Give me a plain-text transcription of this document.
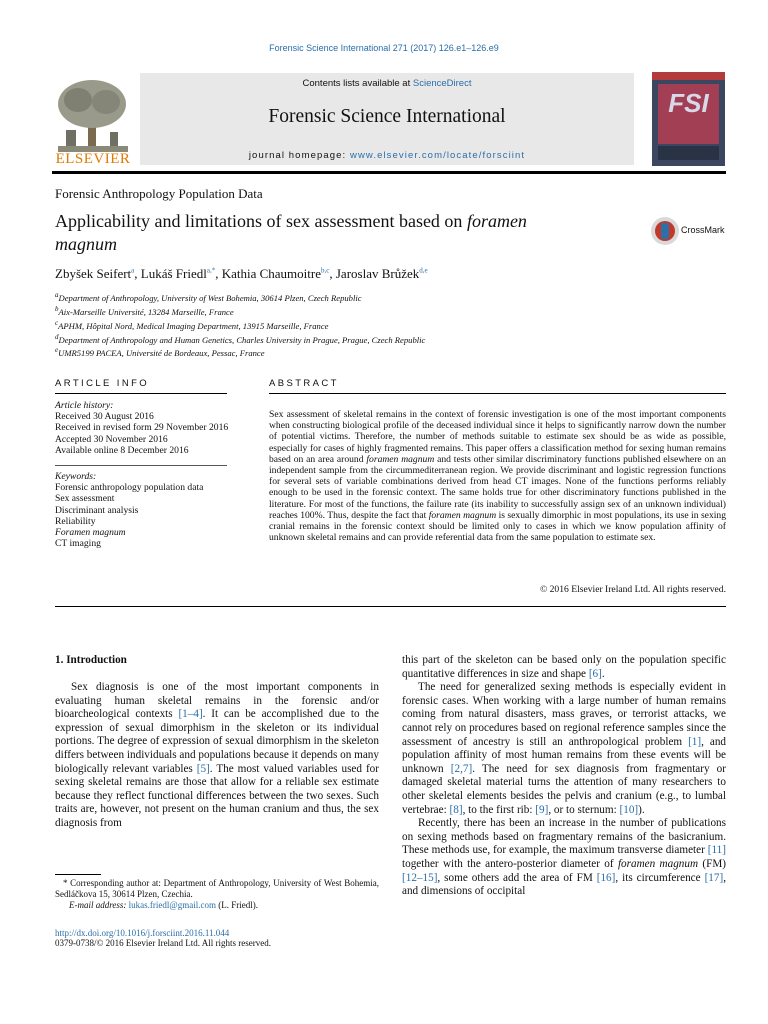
Forensic Science International 271 (2017) 126.e1–126.e9
ELSEVIER
Contents lists available at ScienceDirect
Forensic Science International
journal homepage: www.elsevier.com/locate/forsciint
FSI
Forensic Anthropology Population Data
Applicability and limitations of sex assessment based on foramen
magnum
CrossMark
Zbyšek Seifert$^a$, Lukáš Friedl$^{a,*}$, Kathia Chaumoitre$^{b,c}$, Jaroslav Brůžek$^{d,e}$
$^a$Department of Anthropology, University of West Bohemia, 30614 Plzen, Czech Republic
$^b$Aix-Marseille Université, 13284 Marseille, France
$^c$APHM, Hôpital Nord, Medical Imaging Department, 13915 Marseille, France
$^d$Department of Anthropology and Human Genetics, Charles University in Prague, Prague, Czech Republic
$^e$UMR5199 PACEA, Université de Bordeaux, Pessac, France
ARTICLE INFO
Article history:
Received 30 August 2016
Received in revised form 29 November 2016
Accepted 30 November 2016
Available online 8 December 2016
Keywords:
Forensic anthropology population data
Sex assessment
Discriminant analysis
Reliability
Foramen magnum
CT imaging
ABSTRACT
Sex assessment of skeletal remains in the context of forensic investigation is one of the most important components when constructing biological profile of the deceased individual since it helps to significantly narrow down the number of potential victims. Therefore, the number of methods suitable to estimate sex should be as wide as possible, especially for cases of highly fragmented remains. This paper offers a classification method for sexing human remains based on an area around foramen magnum and tests other similar discriminatory functions published elsewhere on an independent sample from the circummediterranean region. We provide discriminant and logistic regression functions for several sets of variable combinations derived from head CT images. None of the functions performs reliably enough to be used in the forensic context. The same holds true for other discriminatory functions published in the literature. For most of the functions, the failure rate (its inability to successfully assign sex of an unknown individual) reaches 100%. Thus, despite the fact that foramen magnum is sexually dimorphic in most populations, its use in sexing cranial remains in the forensic context should be limited only to cases in which we know population affinity of unknown skeletal remains and can provide referential data from the same population to estimate sex.
© 2016 Elsevier Ireland Ltd. All rights reserved.
1. Introduction

Sex diagnosis is one of the most important components in evaluating human skeletal remains in the forensic and/or bioarcheological contexts [1–4]. It can be accomplished due to the expression of sexual dimorphism in the skeleton or its individual portions. The degree of expression of sexual dimorphism in the skeleton differs between individuals and populations because it depends on many biologically relevant variables [5]. The most valued variables used for sexing skeletal remains are those that allow for a reliable sex estimate because they reflect functional differences between the two sexes. Such traits are, however, not present on the human cranium and thus, the sex diagnosis from

* Corresponding author at: Department of Anthropology, University of West Bohemia, Sedláčkova 15, 30614 Plzen, Czechia.
E-mail address: lukas.friedl@gmail.com (L. Friedl).
http://dx.doi.org/10.1016/j.forsciint.2016.11.044
0379-0738/© 2016 Elsevier Ireland Ltd. All rights reserved.

this part of the skeleton can be based only on the population specific quantitative differences in size and shape [6].

The need for generalized sexing methods is especially evident in forensic cases. When working with a large number of human remains coming from natural disasters, mass graves, or terrorist attacks, we cannot rely on procedures based on regional reference samples since the assessment of ancestry is still an anthropological problem [1], and population affinity of most human remains from these events will be unknown [2,7]. The need for sex diagnosis from fragmentary or damaged skeletal material turns the attention of many researchers to other skeletal elements besides the pelvis and cranium (e.g., to lumbal vertebrae: [8], to the first rib: [9], or to sternum: [10]).

Recently, there has been an increase in the number of publications on sexing methods based on fragmentary remains of the basicranium. These methods use, for example, the maximum transverse diameter [11] together with the antero-posterior diameter of foramen magnum (FM) [12–15], some others add the area of FM [16], its circumference [17], and dimensions of occipital
